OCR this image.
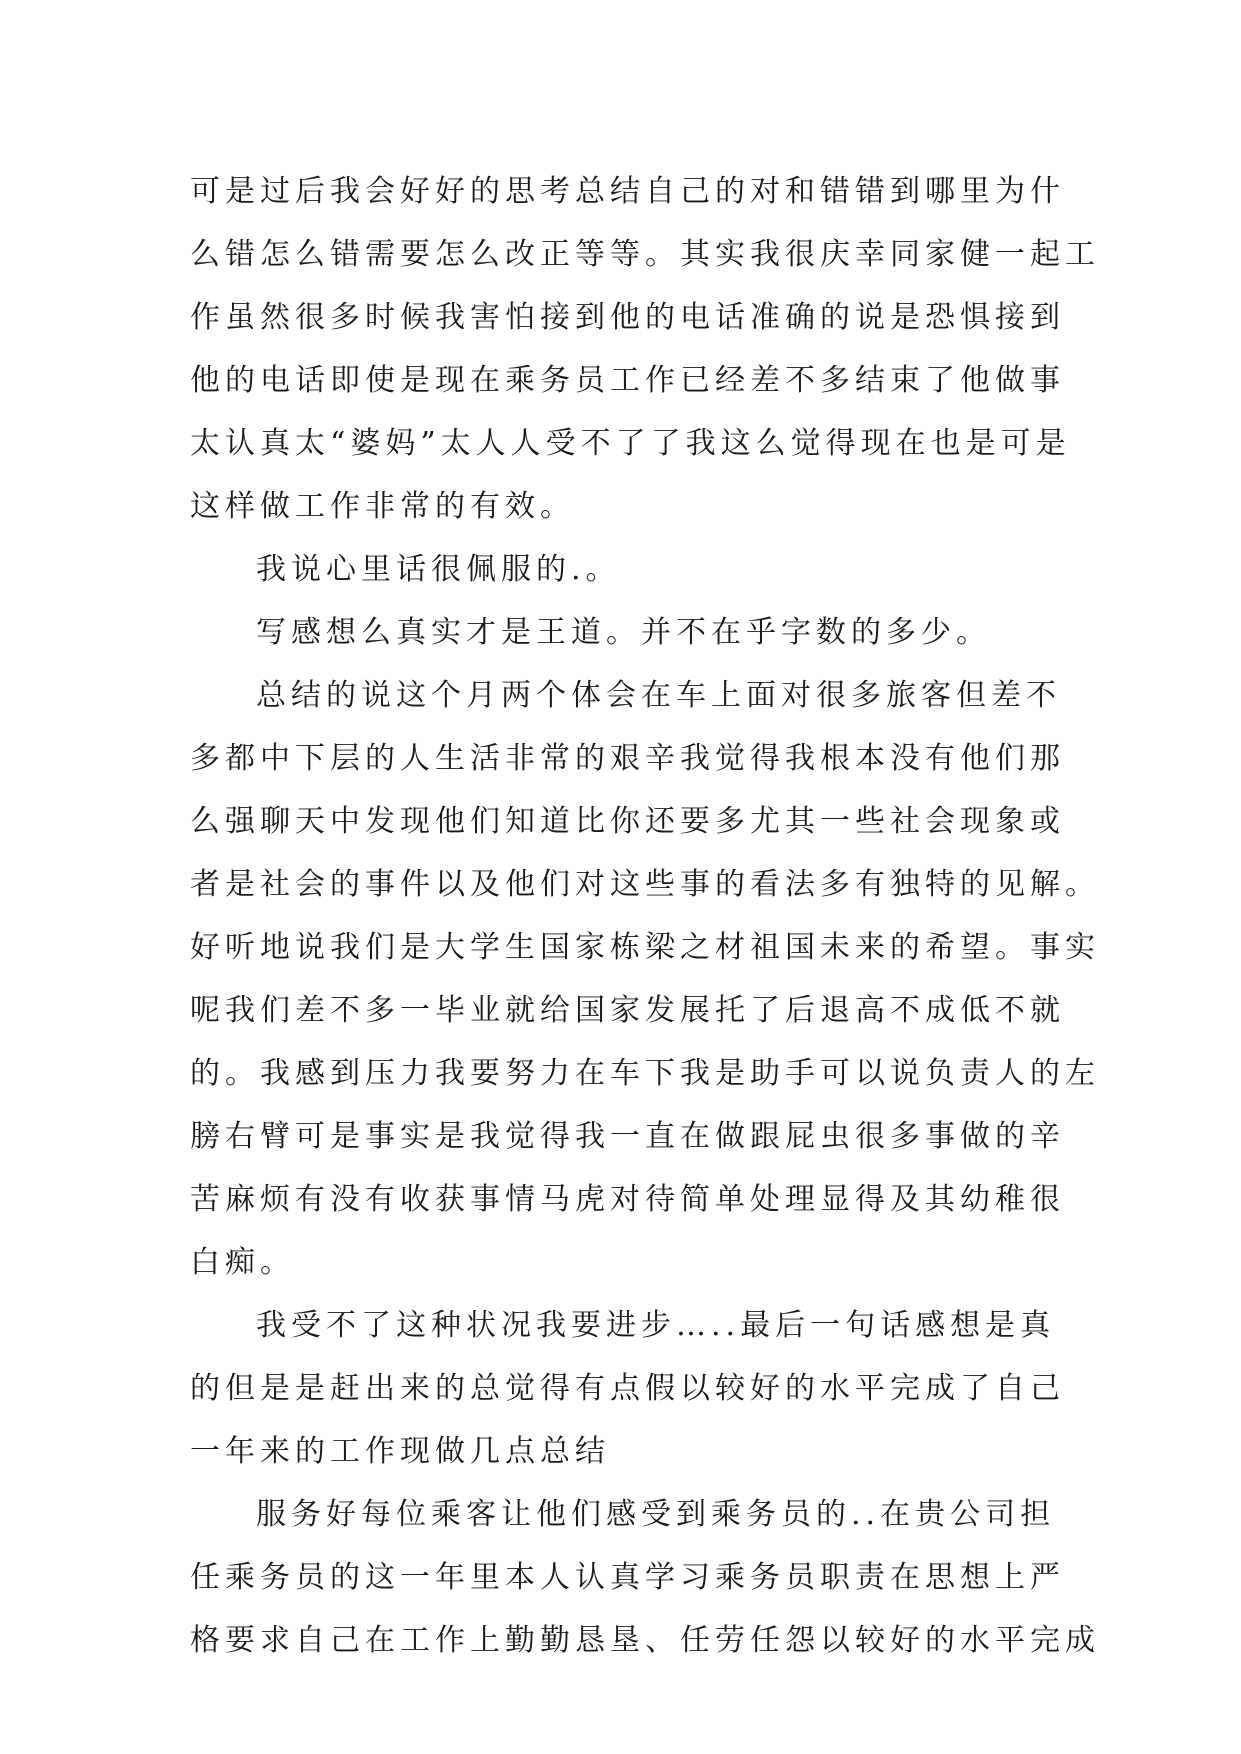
可是过后我会好好的思考总结自己的对和错错到哪里为什
么错怎么错需要怎么改正等等。其实我很庆幸同家健一起工
作虽然很多时候我害怕接到他的电话准确的说是恐惧接到
他的电话即使是现在乘务员工作已经差不多结束了他做事
太认真太“婆妈”太人人受不了了我这么觉得现在也是可是
这样做工作非常的有效。
我说心里话很佩服的.。
写感想么真实才是王道。并不在乎字数的多少。
总结的说这个月两个体会在车上面对很多旅客但差不
多都中下层的人生活非常的艰辛我觉得我根本没有他们那
么强聊天中发现他们知道比你还要多尤其一些社会现象或
者是社会的事件以及他们对这些事的看法多有独特的见解。
好听地说我们是大学生国家栋梁之材祖国未来的希望。事实
呢我们差不多一毕业就给国家发展托了后退高不成低不就
的。我感到压力我要努力在车下我是助手可以说负责人的左
膀右臂可是事实是我觉得我一直在做跟屁虫很多事做的辛
苦麻烦有没有收获事情马虎对待简单处理显得及其幼稚很
白痴。
我受不了这种状况我要进步…..最后一句话感想是真
的但是是赶出来的总觉得有点假以较好的水平完成了自己
一年来的工作现做几点总结
服务好每位乘客让他们感受到乘务员的..在贵公司担
任乘务员的这一年里本人认真学习乘务员职责在思想上严
格要求自己在工作上勤勤恳垦、任劳任怨以较好的水平完成
